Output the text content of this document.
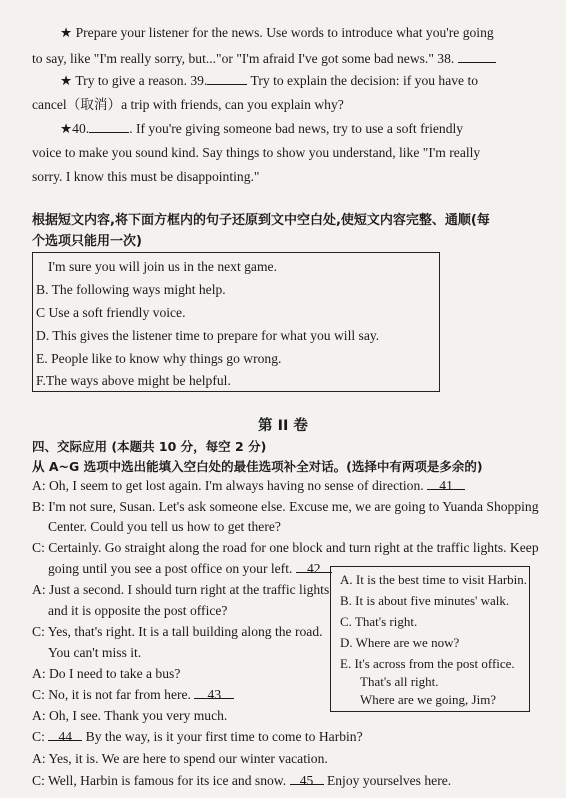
★ Prepare your listener for the news. Use words to introduce what you're going
to say, like "I'm really sorry, but..."or "I'm afraid I've got some bad news." 38.
★ Try to give a reason. 39.	Try to explain the decision: if you have to
cancel（取消）a trip with friends, can you explain why?
★40.	. If you're giving someone bad news, try to use a soft friendly
voice to make you sound kind. Say things to show you understand, like "I'm really
sorry. I know this must be disappointing."
根据短文内容,将下面方框内的句子还原到文中空白处,使短文内容完整、通顺(每
个选项只能用一次)
I'm sure you will join us in the next game.
B. The following ways might help.
C Use a soft friendly voice.
D. This gives the listener time to prepare for what you will say.
E. People like to know why things go wrong.
F.The ways above might be helpful.
第 II 卷
四、交际应用 (本题共 10 分，每空 2 分)
从 A~G 选项中选出能填入空白处的最佳选项补全对话。(选择中有两项是多余的)
A: Oh, I seem to get lost again. I'm always having no sense of direction. 41
B: I'm not sure, Susan. Let's ask someone else. Excuse me, we are going to Yuanda Shopping
Center. Could you tell us how to get there?
C: Certainly. Go straight along the road for one block and turn right at the traffic lights. Keep
going until you see a post office on your left. 42
A: Just a second. I should turn right at the traffic lights
and it is opposite the post office?
C: Yes, that's right. It is a tall building along the road.
You can't miss it.
A: Do I need to take a bus?
C: No, it is not far from here. 43
A: Oh, I see. Thank you very much.
C: 44 By the way, is it your first time to come to Harbin?
A: Yes, it is. We are here to spend our winter vacation.
A. It is the best time to visit Harbin.
B. It is about five minutes' walk.
C. That's right.
D. Where are we now?
E. It's across from the post office.
That's all right.
Where are we going, Jim?
C: Well, Harbin is famous for its ice and snow. 45 Enjoy yourselves here.
